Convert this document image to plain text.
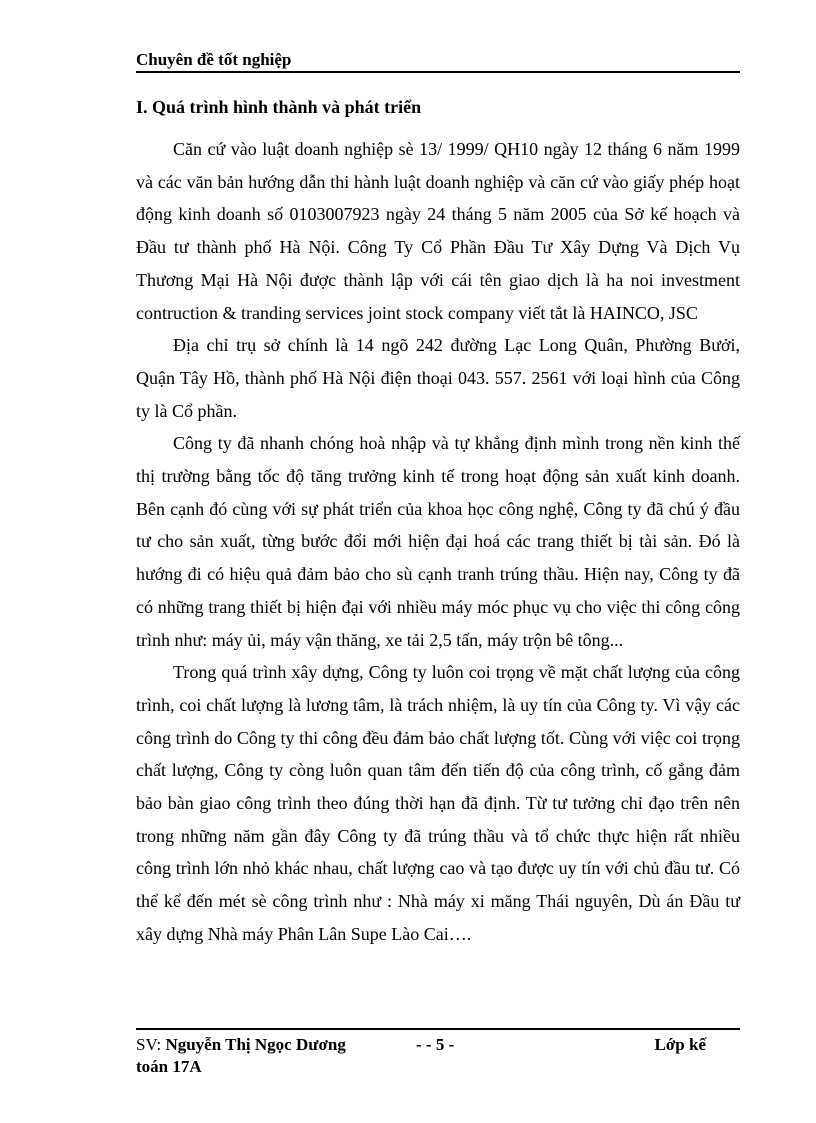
Chuyên đề tốt nghiệp
I. Quá trình hình thành và phát triển

Căn cứ vào luật doanh nghiệp sè 13/ 1999/ QH10 ngày 12 tháng 6 năm 1999 và các văn bản hướng dẫn thi hành luật doanh nghiệp và căn cứ vào giấy phép hoạt động kinh doanh số 0103007923 ngày 24 tháng 5 năm 2005 của Sở kế hoạch và Đầu tư thành phố Hà Nội. Công Ty Cổ Phần Đầu Tư Xây Dựng Và Dịch Vụ Thương Mại Hà Nội được thành lập với cái tên giao dịch là ha noi investment contruction & tranding services joint stock company viết tắt là HAINCO, JSC

Địa chỉ trụ sở chính là 14 ngõ 242 đường Lạc Long Quân, Phường Bưởi, Quận Tây Hồ, thành phố Hà Nội điện thoại 043. 557. 2561 với loại hình của Công ty là Cổ phần.

Công ty đã nhanh chóng hoà nhập và tự khẳng định mình trong nền kinh thế thị trường bằng tốc độ tăng trưởng kinh tế trong hoạt động sản xuất kinh doanh. Bên cạnh đó cùng với sự phát triển của khoa học công nghệ, Công ty đã chú ý đầu tư cho sản xuất, từng bước đổi mới hiện đại hoá các trang thiết bị tài sản. Đó là hướng đi có hiệu quả đảm bảo cho sù cạnh tranh trúng thầu. Hiện nay, Công ty đã có những trang thiết bị hiện đại với nhiều máy móc phục vụ cho việc thi công công trình như: máy ủi, máy vận thăng, xe tải 2,5 tấn, máy trộn bê tông...

Trong quá trình xây dựng, Công ty luôn coi trọng về mặt chất lượng của công trình, coi chất lượng là lương tâm, là trách nhiệm, là uy tín của Công ty. Vì vậy các công trình do Công ty thi công đều đảm bảo chất lượng tốt. Cùng với việc coi trọng chất lượng, Công ty còng luôn quan tâm đến tiến độ của công trình, cố gắng đảm bảo bàn giao công trình theo đúng thời hạn đã định. Từ tư tưởng chỉ đạo trên nên trong những năm gần đây Công ty đã trúng thầu và tổ chức thực hiện rất nhiều công trình lớn nhỏ khác nhau, chất lượng cao và tạo được uy tín với chủ đầu tư. Có thể kể đến mét sè công trình như : Nhà máy xi măng Thái nguyên, Dù án Đầu tư xây dựng Nhà máy Phân Lân Supe Lào Cai….

SV: Nguyễn Thị Ngọc Dương	- - 5 -	Lớp kế
toán 17A
